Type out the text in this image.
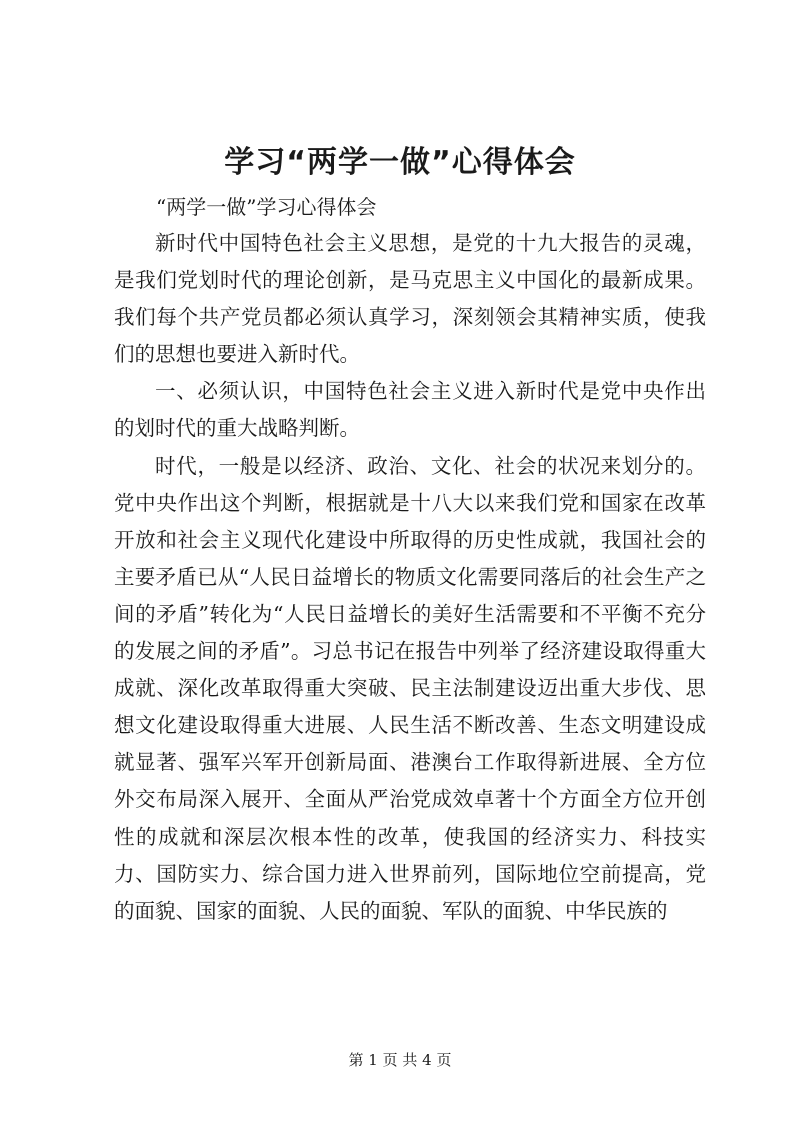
学习“两学一做”心得体会
“两学一做”学习心得体会

新时代中国特色社会主义思想，是党的十九大报告的灵魂，是我们党划时代的理论创新，是马克思主义中国化的最新成果。我们每个共产党员都必须认真学习，深刻领会其精神实质，使我们的思想也要进入新时代。

一、必须认识，中国特色社会主义进入新时代是党中央作出的划时代的重大战略判断。

时代，一般是以经济、政治、文化、社会的状况来划分的。党中央作出这个判断，根据就是十八大以来我们党和国家在改革开放和社会主义现代化建设中所取得的历史性成就，我国社会的主要矛盾已从“人民日益增长的物质文化需要同落后的社会生产之间的矛盾”转化为“人民日益增长的美好生活需要和不平衡不充分的发展之间的矛盾”。习总书记在报告中列举了经济建设取得重大成就、深化改革取得重大突破、民主法制建设迈出重大步伐、思想文化建设取得重大进展、人民生活不断改善、生态文明建设成就显著、强军兴军开创新局面、港澳台工作取得新进展、全方位外交布局深入展开、全面从严治党成效卓著十个方面全方位开创性的成就和深层次根本性的改革，使我国的经济实力、科技实力、国防实力、综合国力进入世界前列，国际地位空前提高，党的面貌、国家的面貌、人民的面貌、军队的面貌、中华民族的

第 1 页 共 4 页
